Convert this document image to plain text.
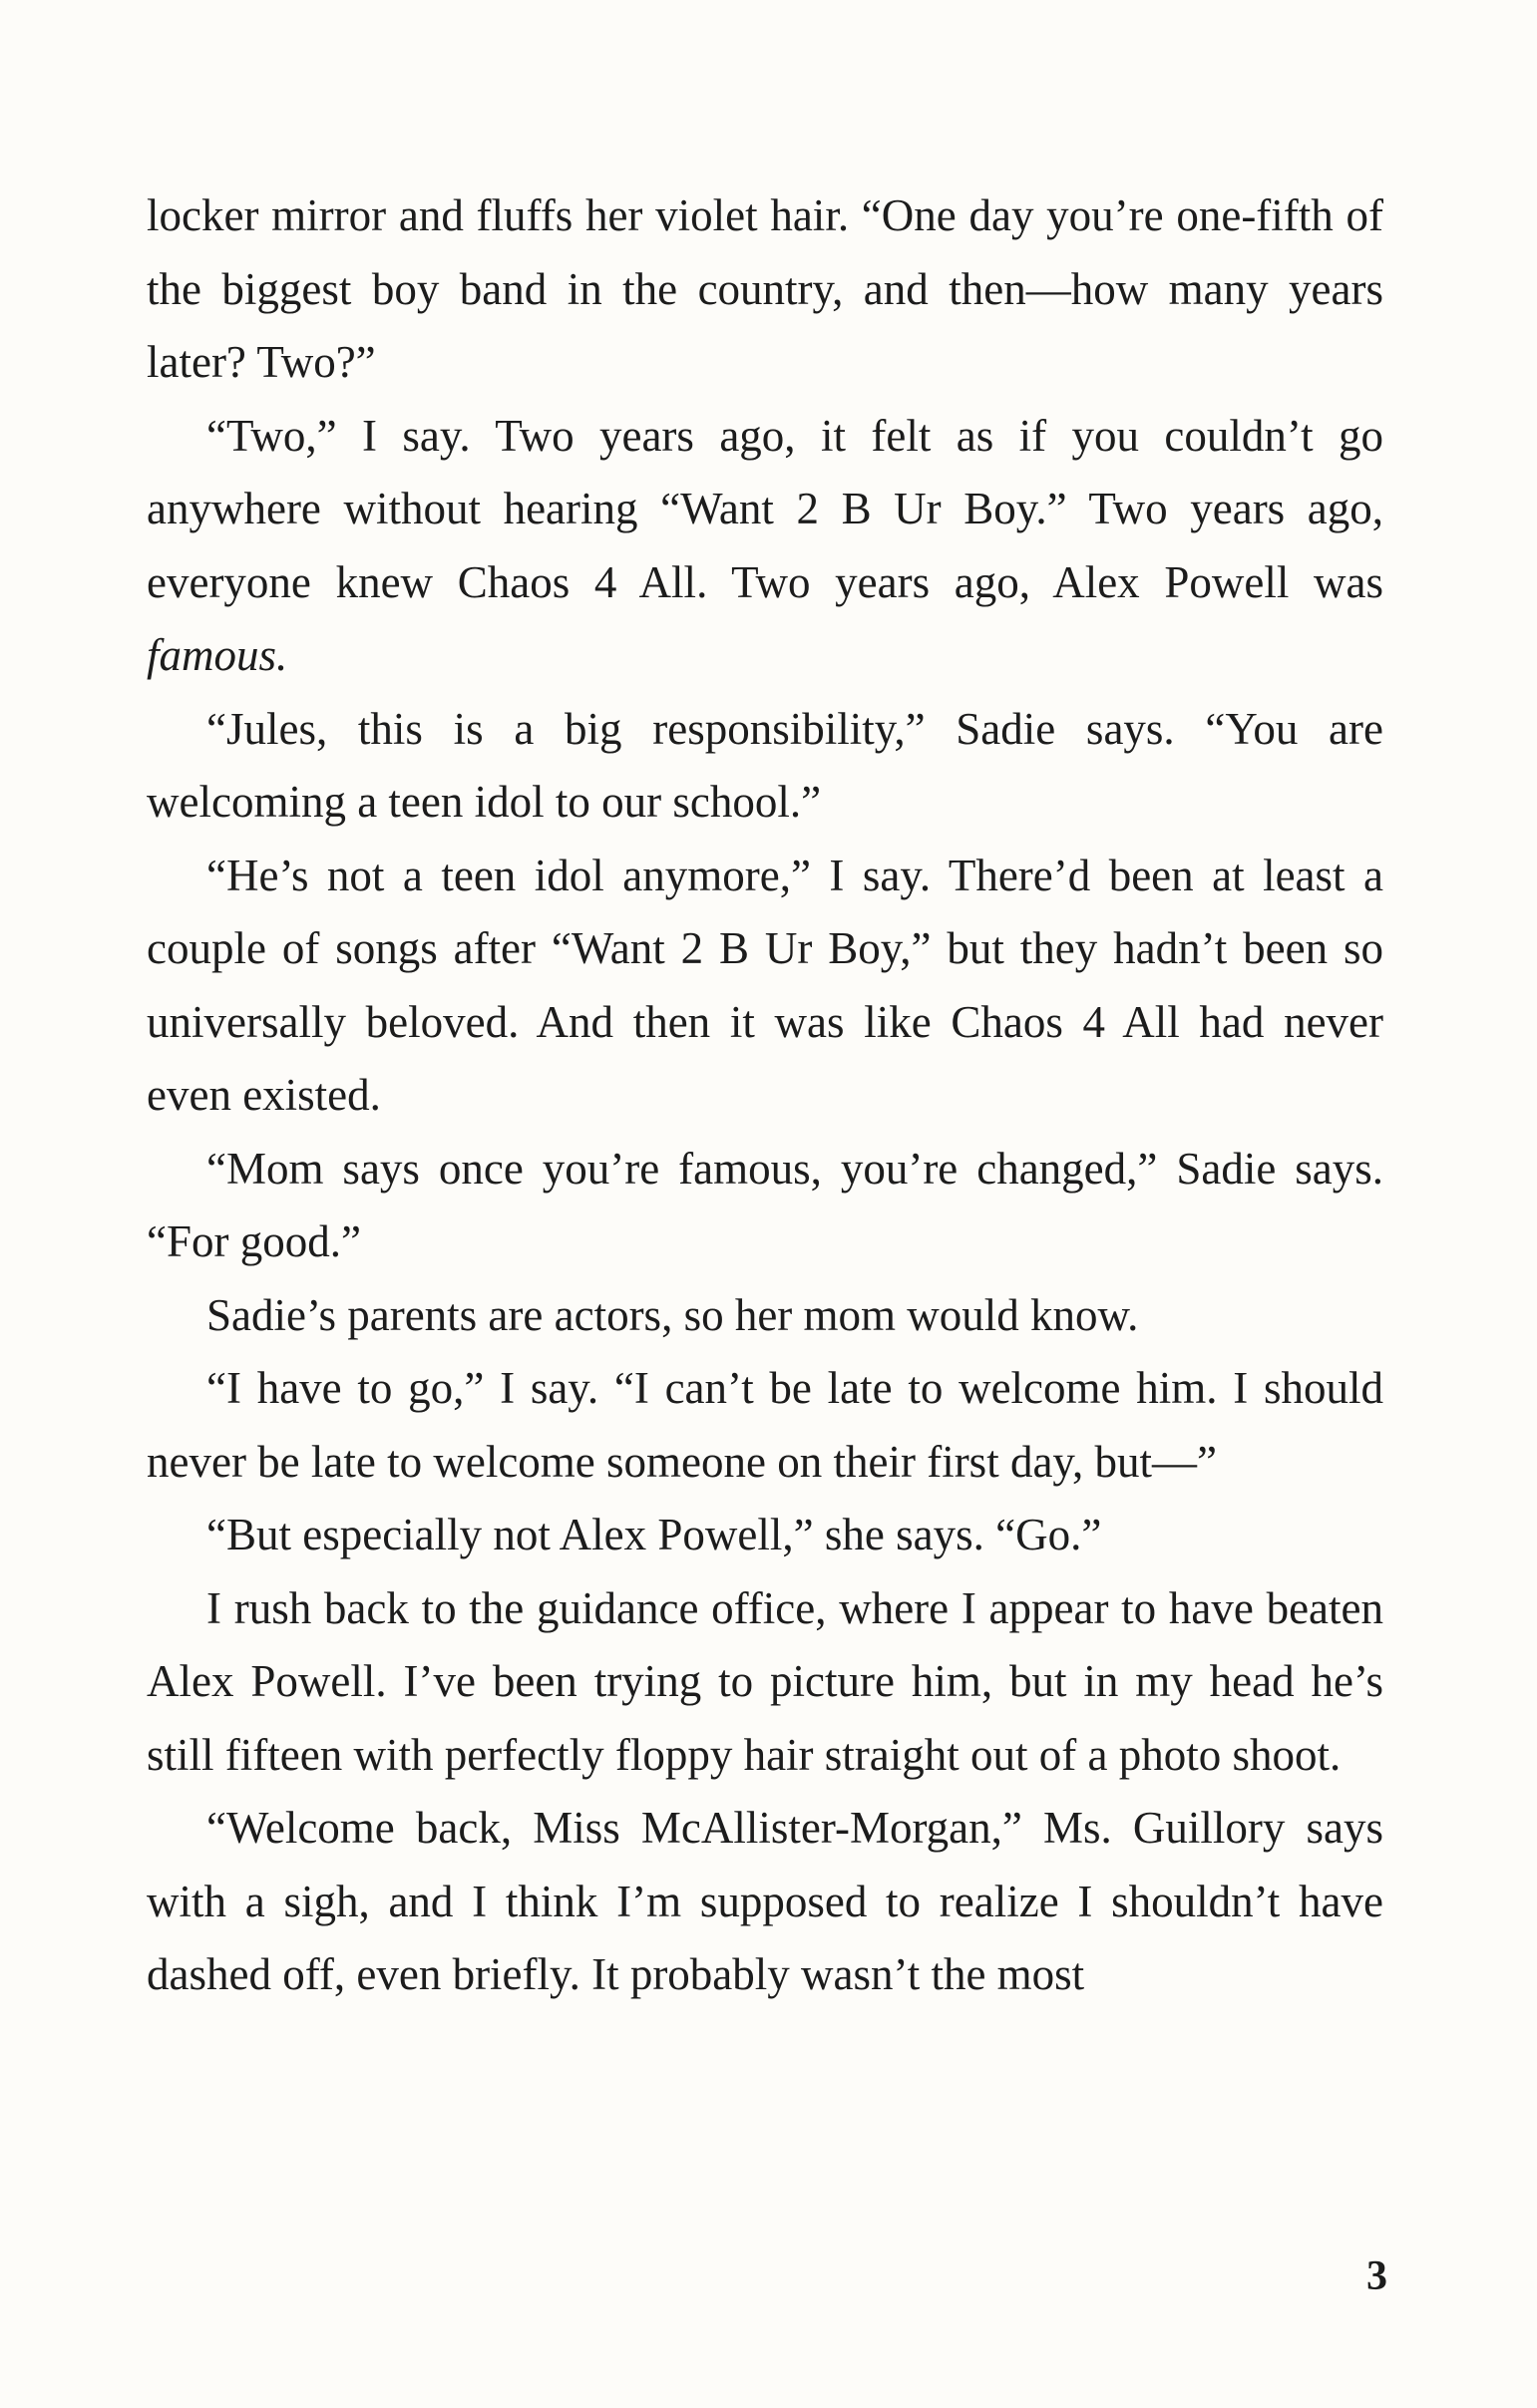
locker mirror and fluffs her violet hair. “One day you’re one-fifth of the biggest boy band in the country, and then—how many years later? Two?”

“Two,” I say. Two years ago, it felt as if you couldn’t go anywhere without hearing “Want 2 B Ur Boy.” Two years ago, everyone knew Chaos 4 All. Two years ago, Alex Powell was famous.

“Jules, this is a big responsibility,” Sadie says. “You are welcoming a teen idol to our school.”

“He’s not a teen idol anymore,” I say. There’d been at least a couple of songs after “Want 2 B Ur Boy,” but they hadn’t been so universally beloved. And then it was like Chaos 4 All had never even existed.

“Mom says once you’re famous, you’re changed,” Sadie says. “For good.”

Sadie’s parents are actors, so her mom would know.

“I have to go,” I say. “I can’t be late to welcome him. I should never be late to welcome someone on their first day, but—”

“But especially not Alex Powell,” she says. “Go.”

I rush back to the guidance office, where I appear to have beaten Alex Powell. I’ve been trying to picture him, but in my head he’s still fifteen with perfectly floppy hair straight out of a photo shoot.

“Welcome back, Miss McAllister-Morgan,” Ms. Guillory says with a sigh, and I think I’m supposed to realize I shouldn’t have dashed off, even briefly. It probably wasn’t the most

3
